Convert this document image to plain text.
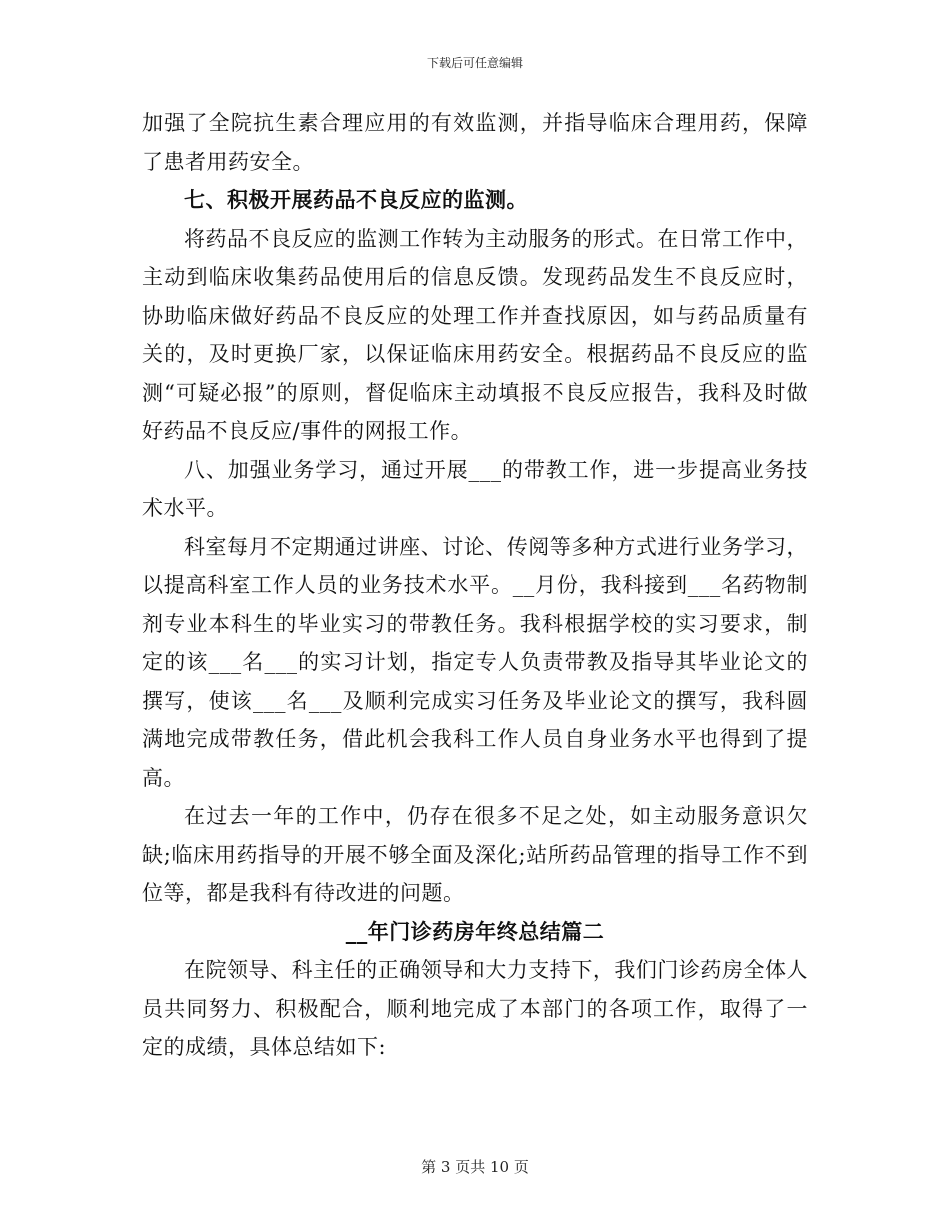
下载后可任意编辑

加强了全院抗生素合理应用的有效监测，并指导临床合理用药，保障了患者用药安全。

七、积极开展药品不良反应的监测。

将药品不良反应的监测工作转为主动服务的形式。在日常工作中，主动到临床收集药品使用后的信息反馈。发现药品发生不良反应时，协助临床做好药品不良反应的处理工作并查找原因，如与药品质量有关的，及时更换厂家，以保证临床用药安全。根据药品不良反应的监测“可疑必报”的原则，督促临床主动填报不良反应报告，我科及时做好药品不良反应/事件的网报工作。

八、加强业务学习，通过开展___的带教工作，进一步提高业务技术水平。

科室每月不定期通过讲座、讨论、传阅等多种方式进行业务学习，以提高科室工作人员的业务技术水平。__月份，我科接到___名药物制剂专业本科生的毕业实习的带教任务。我科根据学校的实习要求，制定的该___名___的实习计划，指定专人负责带教及指导其毕业论文的撰写，使该___名___及顺利完成实习任务及毕业论文的撰写，我科圆满地完成带教任务，借此机会我科工作人员自身业务水平也得到了提高。

在过去一年的工作中，仍存在很多不足之处，如主动服务意识欠缺;临床用药指导的开展不够全面及深化;站所药品管理的指导工作不到位等，都是我科有待改进的问题。

__年门诊药房年终总结篇二

在院领导、科主任的正确领导和大力支持下，我们门诊药房全体人员共同努力、积极配合，顺利地完成了本部门的各项工作，取得了一定的成绩，具体总结如下:

第 3 页共 10 页
